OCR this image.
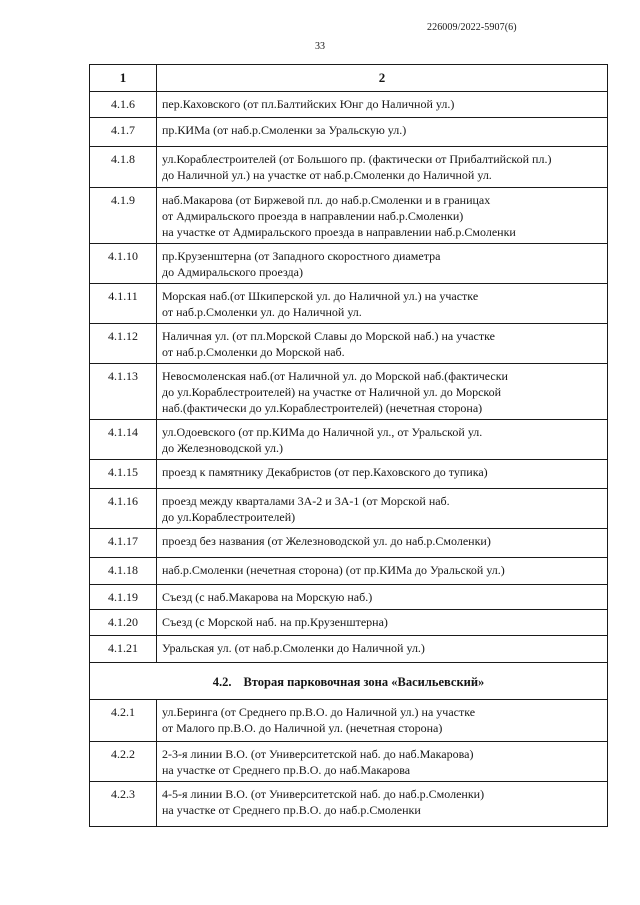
226009/2022-5907(6)
33
1	2
4.1.6	пер.Каховского (от пл.Балтийских Юнг до Наличной ул.)
4.1.7	пр.КИМа (от наб.р.Смоленки за Уральскую ул.)
4.1.8	ул.Кораблестроителей (от Большого пр. (фактически от Прибалтийской пл.)
до Наличной ул.) на участке от наб.р.Смоленки до Наличной ул.
4.1.9	наб.Макарова (от Биржевой пл. до наб.р.Смоленки и в границах
от Адмиральского проезда в направлении наб.р.Смоленки)
на участке от Адмиральского проезда в направлении наб.р.Смоленки
4.1.10	пр.Крузенштерна (от Западного скоростного диаметра
до Адмиральского проезда)
4.1.11	Морская наб.(от Шкиперской ул. до Наличной ул.) на участке
от наб.р.Смоленки ул. до Наличной ул.
4.1.12	Наличная ул. (от пл.Морской Славы до Морской наб.) на участке
от наб.р.Смоленки до Морской наб.
4.1.13	Невосмоленская наб.(от Наличной ул. до Морской наб.(фактически
до ул.Кораблестроителей) на участке от Наличной ул. до Морской
наб.(фактически до ул.Кораблестроителей) (нечетная сторона)
4.1.14	ул.Одоевского (от пр.КИМа до Наличной ул., от Уральской ул.
до Железноводской ул.)
4.1.15	проезд к памятнику Декабристов (от пер.Каховского до тупика)
4.1.16	проезд между кварталами 3А-2 и 3А-1 (от Морской наб.
до ул.Кораблестроителей)
4.1.17	проезд без названия (от Железноводской ул. до наб.р.Смоленки)
4.1.18	наб.р.Смоленки (нечетная сторона) (от пр.КИМа до Уральской ул.)
4.1.19	Съезд (с наб.Макарова на Морскую наб.)
4.1.20	Съезд (с Морской наб. на пр.Крузенштерна)
4.1.21	Уральская ул. (от наб.р.Смоленки до Наличной ул.)
4.2. Вторая парковочная зона «Васильевский»	
4.2.1	ул.Беринга (от Среднего пр.В.О. до Наличной ул.) на участке
от Малого пр.В.О. до Наличной ул. (нечетная сторона)
4.2.2	2-3-я линии В.О. (от Университетской наб. до наб.Макарова)
на участке от Среднего пр.В.О. до наб.Макарова
4.2.3	4-5-я линии В.О. (от Университетской наб. до наб.р.Смоленки)
на участке от Среднего пр.В.О. до наб.р.Смоленки
